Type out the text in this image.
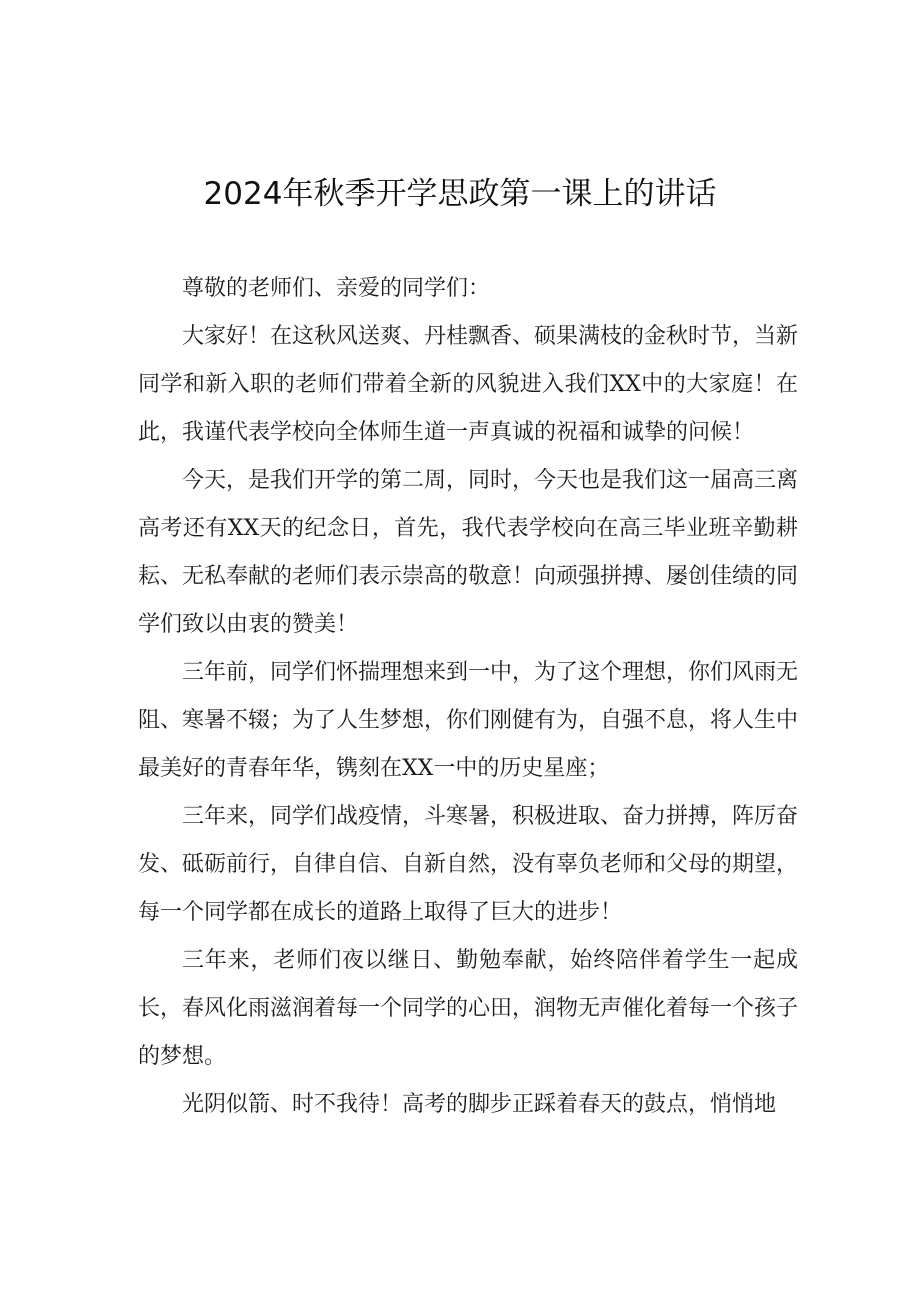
2024年秋季开学思政第一课上的讲话

尊敬的老师们、亲爱的同学们：

大家好！在这秋风送爽、丹桂飘香、硕果满枝的金秋时节，当新同学和新入职的老师们带着全新的风貌进入我们XX中的大家庭！在此，我谨代表学校向全体师生道一声真诚的祝福和诚挚的问候！

今天，是我们开学的第二周，同时，今天也是我们这一届高三离高考还有XX天的纪念日，首先，我代表学校向在高三毕业班辛勤耕耘、无私奉献的老师们表示崇高的敬意！向顽强拼搏、屡创佳绩的同学们致以由衷的赞美！

三年前，同学们怀揣理想来到一中，为了这个理想，你们风雨无阻、寒暑不辍；为了人生梦想，你们刚健有为，自强不息，将人生中最美好的青春年华，镌刻在XX一中的历史星座；

三年来，同学们战疫情，斗寒暑，积极进取、奋力拼搏，阵厉奋发、砥砺前行，自律自信、自新自然，没有辜负老师和父母的期望，每一个同学都在成长的道路上取得了巨大的进步！

三年来，老师们夜以继日、勤勉奉献，始终陪伴着学生一起成长，春风化雨滋润着每一个同学的心田，润物无声催化着每一个孩子的梦想。

光阴似箭、时不我待！高考的脚步正踩着春天的鼓点，悄悄地
